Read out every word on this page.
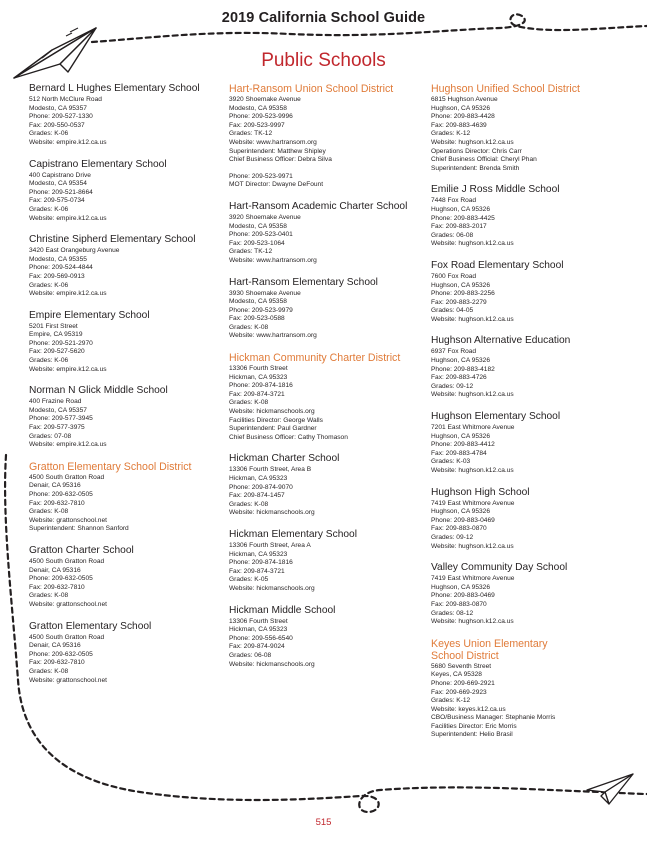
2019 California School Guide
Public Schools
Bernard L Hughes Elementary School
512 North McClure Road
Modesto, CA 95357
Phone: 209-527-1330
Fax: 209-550-0537
Grades: K-06
Website: empire.k12.ca.us
Capistrano Elementary School
400 Capistrano Drive
Modesto, CA 95354
Phone: 209-521-8664
Fax: 209-575-0734
Grades: K-06
Website: empire.k12.ca.us
Christine Sipherd Elementary School
3420 East Orangeburg Avenue
Modesto, CA 95355
Phone: 209-524-4844
Fax: 209-569-0913
Grades: K-06
Website: empire.k12.ca.us
Empire Elementary School
5201 First Street
Empire, CA 95319
Phone: 209-521-2970
Fax: 209-527-5620
Grades: K-06
Website: empire.k12.ca.us
Norman N Glick Middle School
400 Frazine Road
Modesto, CA 95357
Phone: 209-577-3945
Fax: 209-577-3975
Grades: 07-08
Website: empire.k12.ca.us
Gratton Elementary School District
4500 South Gratton Road
Denair, CA 95316
Phone: 209-632-0505
Fax: 209-632-7810
Grades: K-08
Website: grattonschool.net
Superintendent: Shannon Sanford
Gratton Charter School
4500 South Gratton Road
Denair, CA 95316
Phone: 209-632-0505
Fax: 209-632-7810
Grades: K-08
Website: grattonschool.net
Gratton Elementary School
4500 South Gratton Road
Denair, CA 95316
Phone: 209-632-0505
Fax: 209-632-7810
Grades: K-08
Website: grattonschool.net
Hart-Ransom Union School District
3920 Shoemake Avenue
Modesto, CA 95358
Phone: 209-523-9996
Fax: 209-523-9997
Grades: TK-12
Website: www.hartransom.org
Superintendent: Matthew Shipley
Chief Business Officer: Debra Silva
Phone: 209-523-9971
MOT Director: Dwayne DeFount
Hart-Ransom Academic Charter School
3920 Shoemake Avenue
Modesto, CA 95358
Phone: 209-523-0401
Fax: 209-523-1064
Grades: TK-12
Website: www.hartransom.org
Hart-Ransom Elementary School
3930 Shoemake Avenue
Modesto, CA 95358
Phone: 209-523-9979
Fax: 209-523-0588
Grades: K-08
Website: www.hartransom.org
Hickman Community Charter District
13306 Fourth Street
Hickman, CA 95323
Phone: 209-874-1816
Fax: 209-874-3721
Grades: K-08
Website: hickmanschools.org
Facilities Director: George Walls
Superintendent: Paul Gardner
Chief Business Officer: Cathy Thomason
Hickman Charter School
13306 Fourth Street, Area B
Hickman, CA 95323
Phone: 209-874-9070
Fax: 209-874-1457
Grades: K-08
Website: hickmanschools.org
Hickman Elementary School
13306 Fourth Street, Area A
Hickman, CA 95323
Phone: 209-874-1816
Fax: 209-874-3721
Grades: K-05
Website: hickmanschools.org
Hickman Middle School
13306 Fourth Street
Hickman, CA 95323
Phone: 209-556-6540
Fax: 209-874-9024
Grades: 06-08
Website: hickmanschools.org
Hughson Unified School District
6815 Hughson Avenue
Hughson, CA 95326
Phone: 209-883-4428
Fax: 209-883-4639
Grades: K-12
Website: hughson.k12.ca.us
Operations Director: Chris Carr
Chief Business Official: Cheryl Phan
Superintendent: Brenda Smith
Emilie J Ross Middle School
7448 Fox Road
Hughson, CA 95326
Phone: 209-883-4425
Fax: 209-883-2017
Grades: 06-08
Website: hughson.k12.ca.us
Fox Road Elementary School
7600 Fox Road
Hughson, CA 95326
Phone: 209-883-2256
Fax: 209-883-2279
Grades: 04-05
Website: hughson.k12.ca.us
Hughson Alternative Education
6937 Fox Road
Hughson, CA 95326
Phone: 209-883-4182
Fax: 209-883-4726
Grades: 09-12
Website: hughson.k12.ca.us
Hughson Elementary School
7201 East Whitmore Avenue
Hughson, CA 95326
Phone: 209-883-4412
Fax: 209-883-4784
Grades: K-03
Website: hughson.k12.ca.us
Hughson High School
7419 East Whitmore Avenue
Hughson, CA 95326
Phone: 209-883-0469
Fax: 209-883-0870
Grades: 09-12
Website: hughson.k12.ca.us
Valley Community Day School
7419 East Whitmore Avenue
Hughson, CA 95326
Phone: 209-883-0469
Fax: 209-883-0870
Grades: 08-12
Website: hughson.k12.ca.us
Keyes Union Elementary School District
5680 Seventh Street
Keyes, CA 95328
Phone: 209-669-2921
Fax: 209-669-2923
Grades: K-12
Website: keyes.k12.ca.us
CBO/Business Manager: Stephanie Morris
Facilities Director: Eric Morris
Superintendent: Helio Brasil
515
